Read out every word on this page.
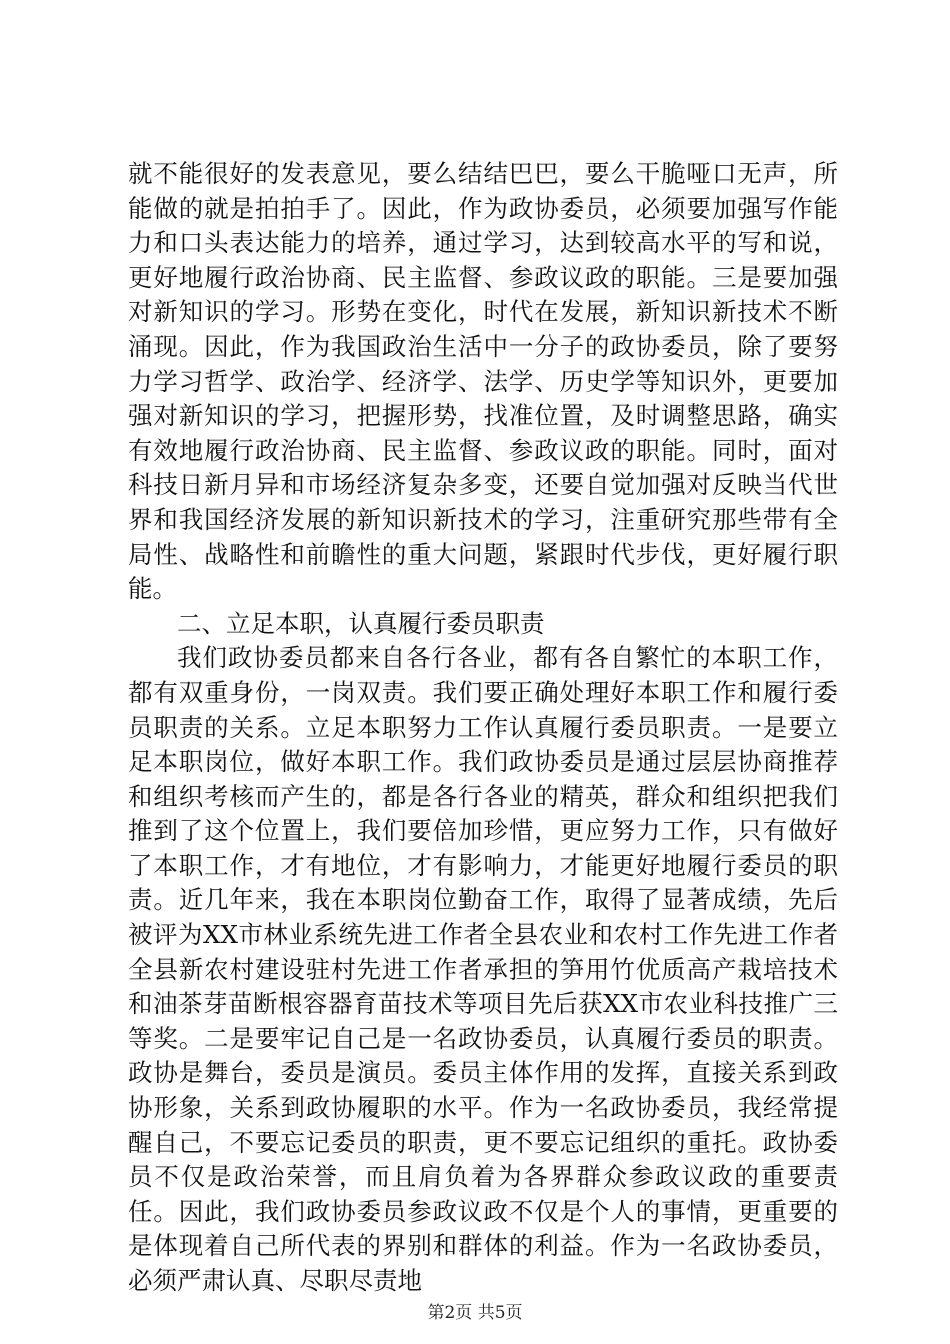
就不能很好的发表意见，要么结结巴巴，要么干脆哑口无声，所能做的就是拍拍手了。因此，作为政协委员，必须要加强写作能力和口头表达能力的培养，通过学习，达到较高水平的写和说，更好地履行政治协商、民主监督、参政议政的职能。三是要加强对新知识的学习。形势在变化，时代在发展，新知识新技术不断涌现。因此，作为我国政治生活中一分子的政协委员，除了要努力学习哲学、政治学、经济学、法学、历史学等知识外，更要加强对新知识的学习，把握形势，找准位置，及时调整思路，确实有效地履行政治协商、民主监督、参政议政的职能。同时，面对科技日新月异和市场经济复杂多变，还要自觉加强对反映当代世界和我国经济发展的新知识新技术的学习，注重研究那些带有全局性、战略性和前瞻性的重大问题，紧跟时代步伐，更好履行职能。

二、立足本职，认真履行委员职责

我们政协委员都来自各行各业，都有各自繁忙的本职工作，都有双重身份，一岗双责。我们要正确处理好本职工作和履行委员职责的关系。立足本职努力工作认真履行委员职责。一是要立足本职岗位，做好本职工作。我们政协委员是通过层层协商推荐和组织考核而产生的，都是各行各业的精英，群众和组织把我们推到了这个位置上，我们要倍加珍惜，更应努力工作，只有做好了本职工作，才有地位，才有影响力，才能更好地履行委员的职责。近几年来，我在本职岗位勤奋工作，取得了显著成绩，先后被评为XX市林业系统先进工作者全县农业和农村工作先进工作者全县新农村建设驻村先进工作者承担的笋用竹优质高产栽培技术和油茶芽苗断根容器育苗技术等项目先后获XX市农业科技推广三等奖。二是要牢记自己是一名政协委员，认真履行委员的职责。政协是舞台，委员是演员。委员主体作用的发挥，直接关系到政协形象，关系到政协履职的水平。作为一名政协委员，我经常提醒自己，不要忘记委员的职责，更不要忘记组织的重托。政协委员不仅是政治荣誉，而且肩负着为各界群众参政议政的重要责任。因此，我们政协委员参政议政不仅是个人的事情，更重要的是体现着自己所代表的界别和群体的利益。作为一名政协委员，必须严肃认真、尽职尽责地

第2页 共5页
